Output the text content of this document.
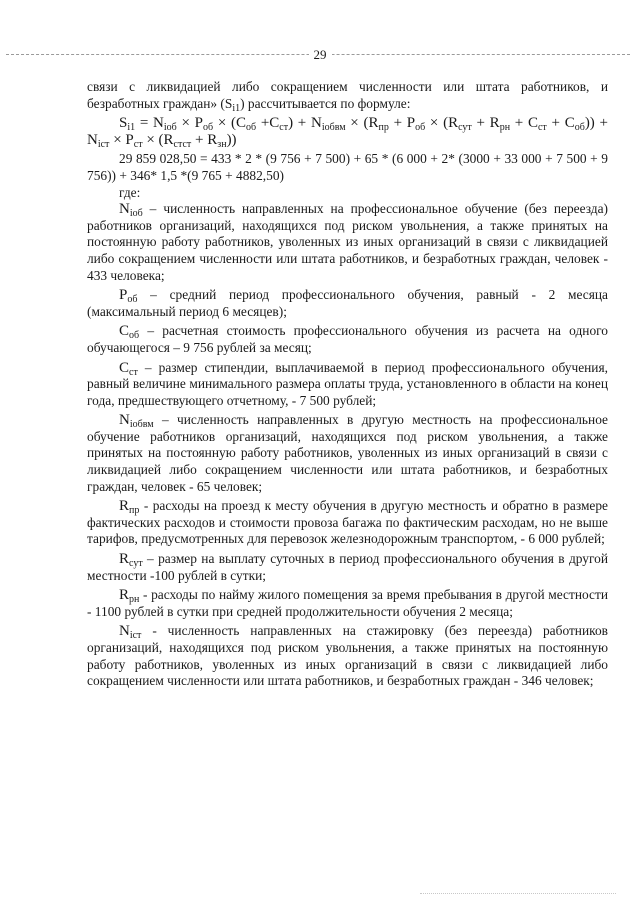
29

связи с ликвидацией либо сокращением численности или штата работников, и безработных граждан» $(S_{i1})$ рассчитывается по формуле:

$S_{i1} = N_{iоб} \times P_{об} \times (C_{об} +C_{ст}) + N_{iобвм} \times (R_{пр} + P_{об} \times (R_{сут} + R_{рн} + C_{ст} + C_{об})) + N_{iст} \times P_{ст} \times (R_{стст} + R_{зн})$)

29 859 028,50 = 433 * 2 * (9 756 + 7 500) + 65 * (6 000 + 2* (3000 + 33 000 + 7 500 + 9 756)) + 346* 1,5 *(9 765 + 4882,50)

где:

$N_{iоб}$ – численность направленных на профессиональное обучение (без переезда) работников организаций, находящихся под риском увольнения, а также принятых на постоянную работу работников, уволенных из иных организаций в связи с ликвидацией либо сокращением численности или штата работников, и безработных граждан, человек - 433 человека;

$P_{об}$ – средний период профессионального обучения, равный - 2 месяца (максимальный период 6 месяцев);

$C_{об}$ – расчетная стоимость профессионального обучения из расчета на одного обучающегося – 9 756 рублей за месяц;

$C_{ст}$ – размер стипендии, выплачиваемой в период профессионального обучения, равный величине минимального размера оплаты труда, установленного в области на конец года, предшествующего отчетному, - 7 500 рублей;

$N_{iобвм}$ – численность направленных в другую местность на профессиональное обучение работников организаций, находящихся под риском увольнения, а также принятых на постоянную работу работников, уволенных из иных организаций в связи с ликвидацией либо сокращением численности или штата работников, и безработных граждан, человек - 65 человек;

$R_{пр}$ - расходы на проезд к месту обучения в другую местность и обратно в размере фактических расходов и стоимости провоза багажа по фактическим расходам, но не выше тарифов, предусмотренных для перевозок железнодорожным транспортом, - 6 000 рублей;

$R_{сут}$ – размер на выплату суточных в период профессионального обучения в другой местности -100 рублей в сутки;

$R_{рн}$ - расходы по найму жилого помещения за время пребывания в другой местности - 1100 рублей в сутки при средней продолжительности обучения 2 месяца;

$N_{iст}$ - численность направленных на стажировку (без переезда) работников организаций, находящихся под риском увольнения, а также принятых на постоянную работу работников, уволенных из иных организаций в связи с ликвидацией либо сокращением численности или штата работников, и безработных граждан - 346 человек;
